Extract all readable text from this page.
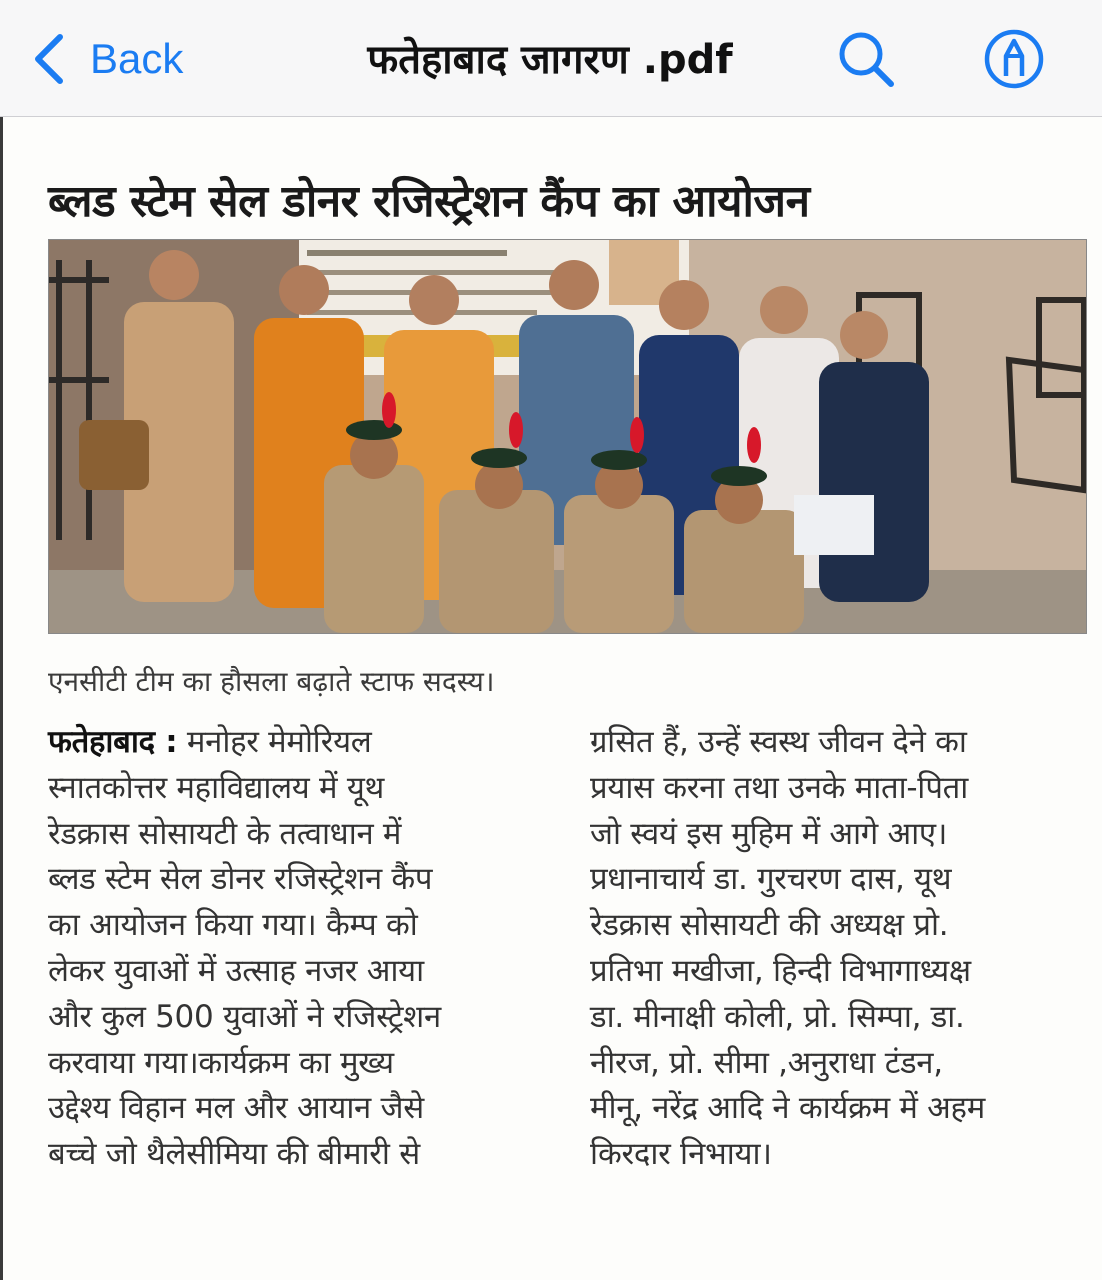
Back	फतेहाबाद जागरण .pdf
ब्लड स्टेम सेल डोनर रजिस्ट्रेशन कैंप का आयोजन
एनसीटी टीम का हौसला बढ़ाते स्टाफ सदस्य।
फतेहाबाद : मनोहर मेमोरियल
स्नातकोत्तर महाविद्यालय में यूथ
रेडक्रास सोसायटी के तत्वाधान में
ब्लड स्टेम सेल डोनर रजिस्ट्रेशन कैंप
का आयोजन किया गया। कैम्प को
लेकर युवाओं में उत्साह नजर आया
और कुल 500 युवाओं ने रजिस्ट्रेशन
करवाया गया।कार्यक्रम का मुख्य
उद्देश्य विहान मल और आयान जैसे
बच्चे जो थैलेसीमिया की बीमारी से
ग्रसित हैं, उन्हें स्वस्थ जीवन देने का
प्रयास करना तथा उनके माता-पिता
जो स्वयं इस मुहिम में आगे आए।
प्रधानाचार्य डा. गुरचरण दास, यूथ
रेडक्रास सोसायटी की अध्यक्ष प्रो.
प्रतिभा मखीजा, हिन्दी विभागाध्यक्ष
डा. मीनाक्षी कोली, प्रो. सिम्पा, डा.
नीरज, प्रो. सीमा ,अनुराधा टंडन,
मीनू, नरेंद्र आदि ने कार्यक्रम में अहम
किरदार निभाया।
